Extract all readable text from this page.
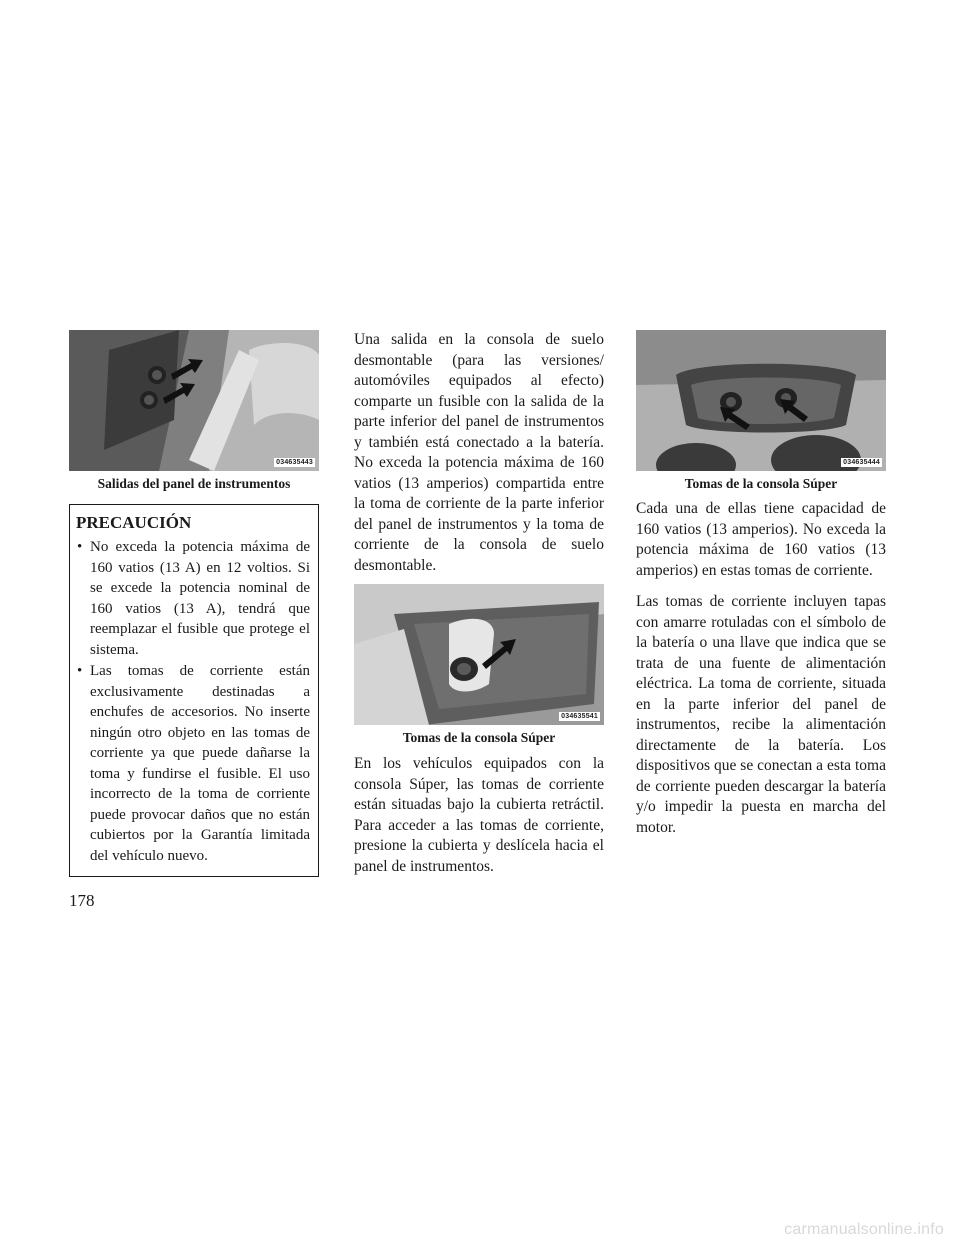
034635443
Salidas del panel de instrumentos
PRECAUCIÓN
• No exceda la potencia máxima de 160 vatios (13 A) en 12 voltios. Si se excede la potencia nominal de 160 vatios (13 A), tendrá que reemplazar el fusible que protege el sistema.
• Las tomas de corriente están exclusivamente destinadas a enchufes de accesorios. No inserte ningún otro objeto en las tomas de corriente ya que puede dañarse la toma y fundirse el fusible. El uso incorrecto de la toma de corriente puede provocar daños que no están cubiertos por la Garantía limitada del vehículo nuevo.

Una salida en la consola de suelo desmontable (para las versiones/ automóviles equipados al efecto) comparte un fusible con la salida de la parte inferior del panel de instrumentos y también está conectado a la batería. No exceda la potencia máxima de 160 vatios (13 amperios) compartida entre la toma de corriente de la parte inferior del panel de instrumentos y la toma de corriente de la consola de suelo desmontable.

034635541
Tomas de la consola Súper

En los vehículos equipados con la consola Súper, las tomas de corriente están situadas bajo la cubierta retráctil. Para acceder a las tomas de corriente, presione la cubierta y deslícela hacia el panel de instrumentos.

034635444
Tomas de la consola Súper

Cada una de ellas tiene capacidad de 160 vatios (13 amperios). No exceda la potencia máxima de 160 vatios (13 amperios) en estas tomas de corriente.

Las tomas de corriente incluyen tapas con amarre rotuladas con el símbolo de la batería o una llave que indica que se trata de una fuente de alimentación eléctrica. La toma de corriente, situada en la parte inferior del panel de instrumentos, recibe la alimentación directamente de la batería. Los dispositivos que se conectan a esta toma de corriente pueden descargar la batería y/o impedir la puesta en marcha del motor.

178
carmanualsonline.info
